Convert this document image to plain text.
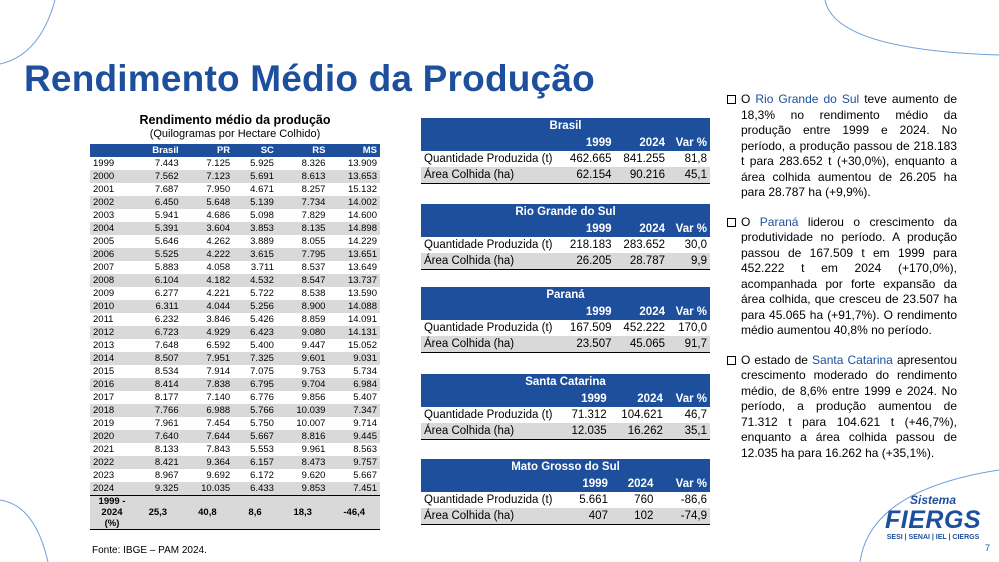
Rendimento Médio da Produção
Rendimento médio da produção
(Quilogramas por Hectare Colhido)
	Brasil	PR	SC	RS	MS
1999	7.443	7.125	5.925	8.326	13.909
2000	7.562	7.123	5.691	8.613	13.653
2001	7.687	7.950	4.671	8.257	15.132
2002	6.450	5.648	5.139	7.734	14.002
2003	5.941	4.686	5.098	7.829	14.600
2004	5.391	3.604	3.853	8.135	14.898
2005	5.646	4.262	3.889	8.055	14.229
2006	5.525	4.222	3.615	7.795	13.651
2007	5.883	4.058	3.711	8.537	13.649
2008	6.104	4.182	4.532	8.547	13.737
2009	6.277	4.221	5.722	8.538	13.590
2010	6.311	4.044	5.256	8.900	14.088
2011	6.232	3.846	5.426	8.859	14.091
2012	6.723	4.929	6.423	9.080	14.131
2013	7.648	6.592	5.400	9.447	15.052
2014	8.507	7.951	7.325	9.601	9.031
2015	8.534	7.914	7.075	9.753	5.734
2016	8.414	7.838	6.795	9.704	6.984
2017	8.177	7.140	6.776	9.856	5.407
2018	7.766	6.988	5.766	10.039	7.347
2019	7.961	7.454	5.750	10.007	9.714
2020	7.640	7.644	5.667	8.816	9.445
2021	8.133	7.843	5.553	9.961	8.563
2022	8.421	9.364	6.157	8.473	9.757
2023	8.967	9.692	6.172	9.620	5.667
2024	9.325	10.035	6.433	9.853	7.451

1999 - 2024
(%)	25,3	40,8	8,6	18,3	-46,4
Fonte: IBGE – PAM 2024.
Brasil
	1999	2024	Var %
Quantidade Produzida (t)	462.665	841.255	81,8
Área Colhida (ha)	62.154	90.216	45,1
Rio Grande do Sul
	1999	2024	Var %
Quantidade Produzida (t)	218.183	283.652	30,0
Área Colhida (ha)	26.205	28.787	9,9
Paraná
	1999	2024	Var %
Quantidade Produzida (t)	167.509	452.222	170,0
Área Colhida (ha)	23.507	45.065	91,7
Santa Catarina
	1999	2024	Var %
Quantidade Produzida (t)	71.312	104.621	46,7
Área Colhida (ha)	12.035	16.262	35,1
Mato Grosso do Sul
	1999	2024	Var %
Quantidade Produzida (t)	5.661	760	-86,6
Área Colhida (ha)	407	102	-74,9
O Rio Grande do Sul teve aumento de 18,3% no rendimento médio da produção entre 1999 e 2024. No período, a produção passou de 218.183 t para 283.652 t (+30,0%), enquanto a área colhida aumentou de 26.205 ha para 28.787 ha (+9,9%).
O Paraná liderou o crescimento da produtividade no período. A produção passou de 167.509 t em 1999 para 452.222 t em 2024 (+170,0%), acompanhada por forte expansão da área colhida, que cresceu de 23.507 ha para 45.065 ha (+91,7%). O rendimento médio aumentou 40,8% no período.
O estado de Santa Catarina apresentou crescimento moderado do rendimento médio, de 8,6% entre 1999 e 2024. No período, a produção aumentou de 71.312 t para 104.621 t (+46,7%), enquanto a área colhida passou de 12.035 ha para 16.262 ha (+35,1%).
Sistema
FIERGS
SESI | SENAI | IEL | CIERGS
7
